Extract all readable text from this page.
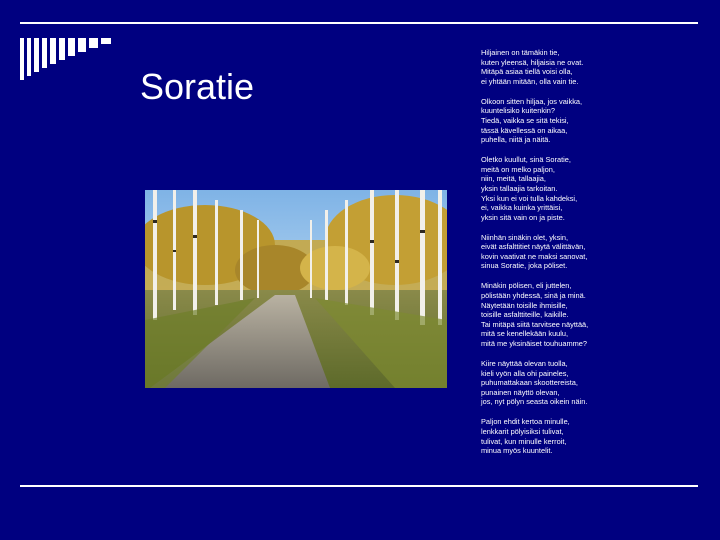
Soratie
Hiljainen on tämäkin tie,
kuten yleensä, hiljaisia ne ovat.
Mitäpä asiaa tiellä voisi olla,
ei yhtään mitään, olla vain tie.
Olkoon sitten hiljaa, jos vaikka,
kuuntelisiko kuitenkin?
Tiedä, vaikka se sitä tekisi,
tässä kävellessä on aikaa,
puhella, niitä ja näitä.
Oletko kuullut, sinä Soratie,
meitä on melko paljon,
niin, meitä, tallaajia,
yksin tallaajia tarkoitan.
Yksi kun ei voi tulla kahdeksi,
ei, vaikka kuinka yrittäisi,
yksin sitä vain on ja piste.
Niinhän sinäkin olet, yksin,
eivät asfalttitiet näytä välittävän,
kovin vaativat ne maksi sanovat,
sinua Soratie, joka pöliset.
Minäkin pölisen, eli juttelen,
pölistään yhdessä, sinä ja minä.
Näytetään toisille ihmisille,
toisille asfalttiteille, kaikille.
Tai mitäpä siitä tarvitsee näyttää,
mitä se kenellekään kuulu,
mitä me yksinäiset touhuamme?
Kiire näyttää olevan tuolla,
kieli vyön alla ohi paineles,
puhumattakaan skoottereista,
punainen näyttö olevan,
jos, nyt pölyn seasta oikein näin.
Paljon ehdit kertoa minulle,
lenkkarit pölyisiksi tulivat,
tulivat, kun minulle kerroit,
minua myös kuuntelit.
